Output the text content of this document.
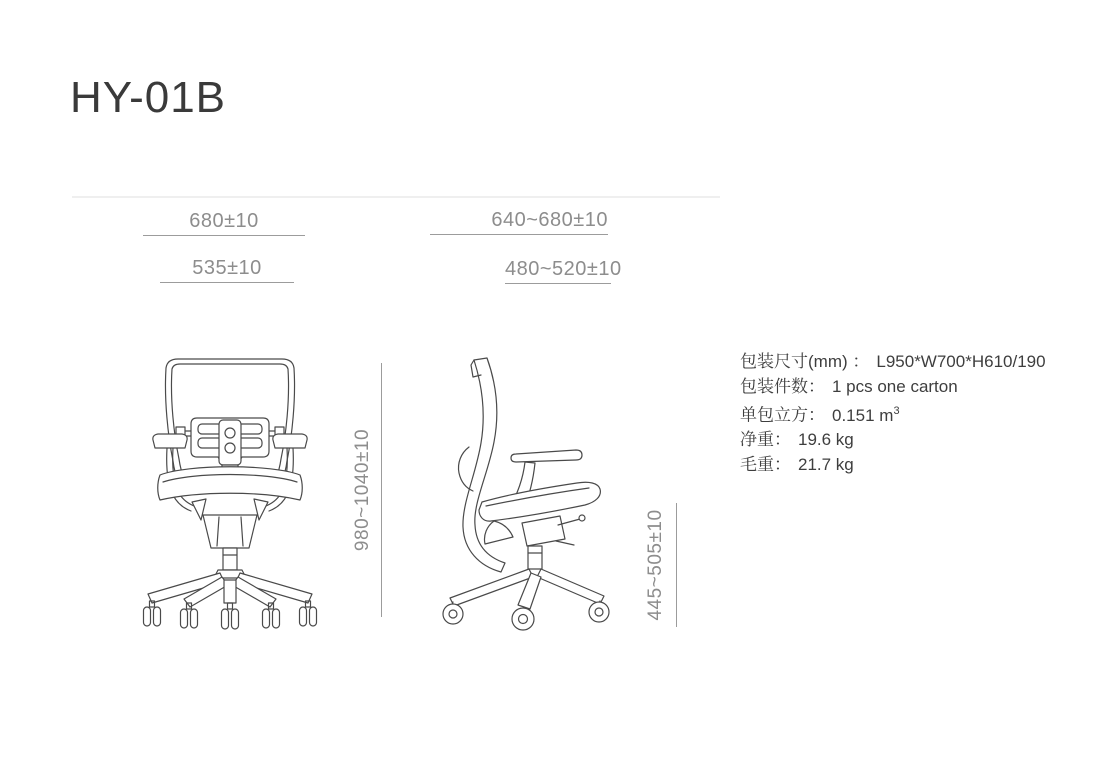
HY-01B
680±10
535±10
640~680±10
480~520±10
980~1040±10
445~505±10
包装尺寸(mm) ： L950*W700*H610/190
包装件数： 1 pcs one carton
单包立方： 0.151 $m^3$
净重： 19.6 kg
毛重： 21.7 kg
